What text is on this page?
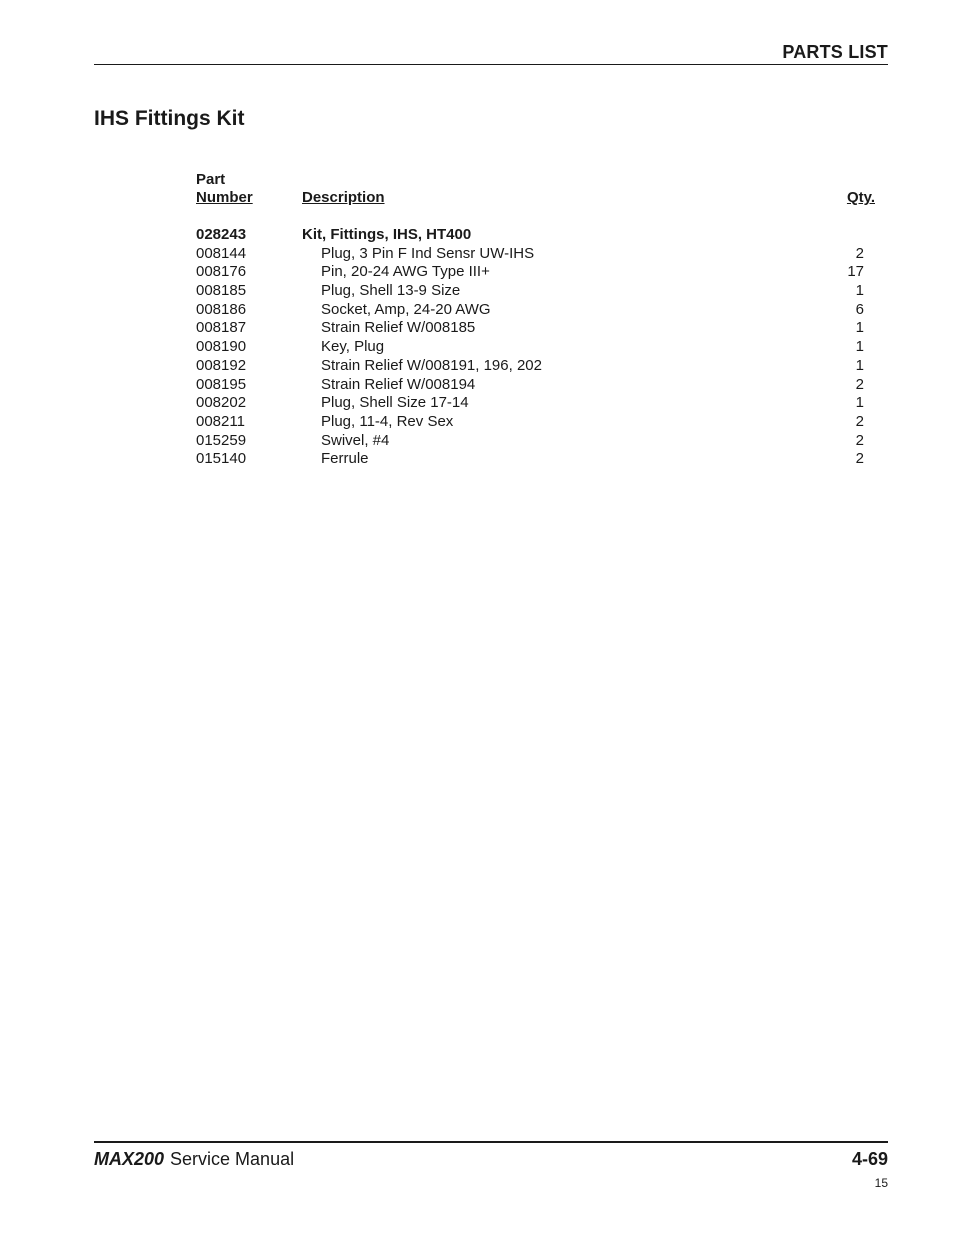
PARTS LIST
IHS Fittings Kit
Part
Number	Description	Qty.
028243	Kit, Fittings, IHS, HT400
008144	Plug, 3 Pin F Ind Sensr UW-IHS	2
008176	Pin, 20-24 AWG Type III+	17
008185	Plug, Shell 13-9 Size	1
008186	Socket, Amp, 24-20 AWG	6
008187	Strain Relief W/008185	1
008190	Key, Plug	1
008192	Strain Relief W/008191, 196, 202	1
008195	Strain Relief W/008194	2
008202	Plug, Shell Size 17-14	1
008211	Plug, 11-4, Rev Sex	2
015259	Swivel, #4	2
015140	Ferrule	2
MAX200 Service Manual	4-69
15
